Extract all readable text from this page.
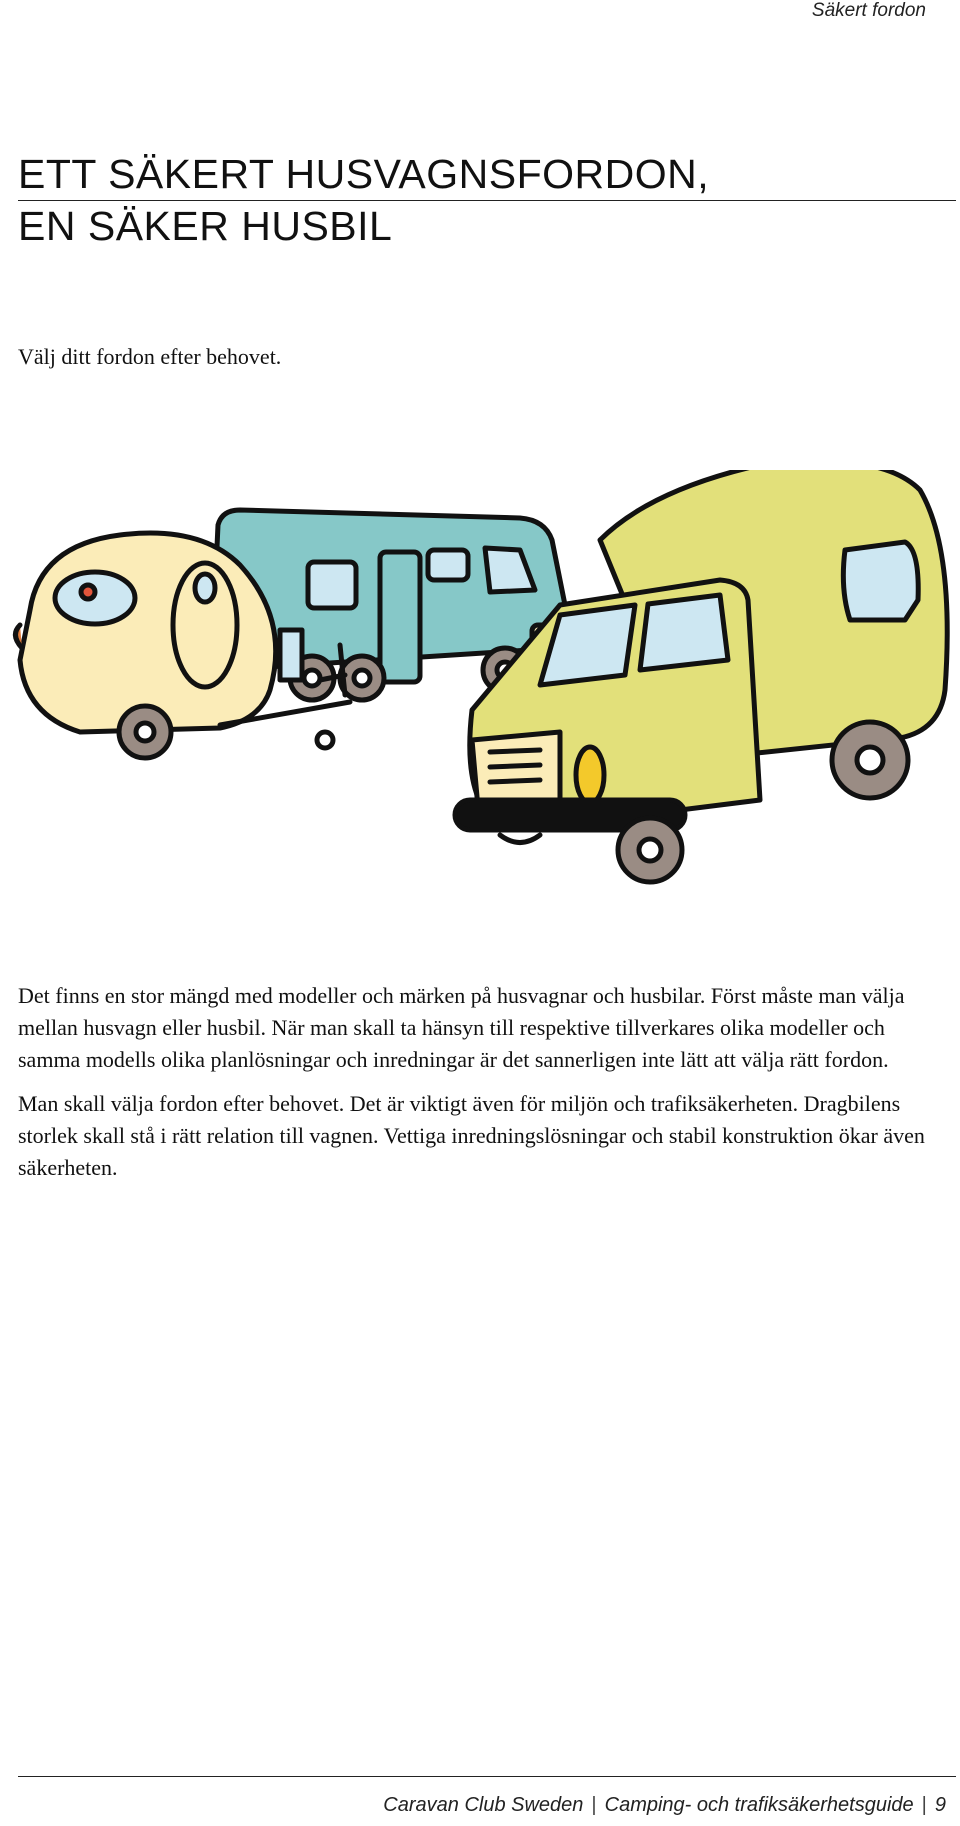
Säkert fordon
ETT SÄKERT HUSVAGNSFORDON,
EN SÄKER HUSBIL
Välj ditt fordon efter behovet.

Det finns en stor mängd med modeller och märken på husvagnar och husbilar. Först måste man välja mellan husvagn eller husbil. När man skall ta hänsyn till respektive tillverkares olika modeller och samma modells olika planlösningar och inredningar är det sannerligen inte lätt att välja rätt fordon.

Man skall välja fordon efter behovet. Det är viktigt även för miljön och trafiksäkerheten. Dragbilens storlek skall stå i rätt relation till vagnen. Vettiga inredningslösningar och stabil konstruktion ökar även säkerheten.

Caravan Club Sweden | Camping- och trafiksäkerhetsguide | 9
